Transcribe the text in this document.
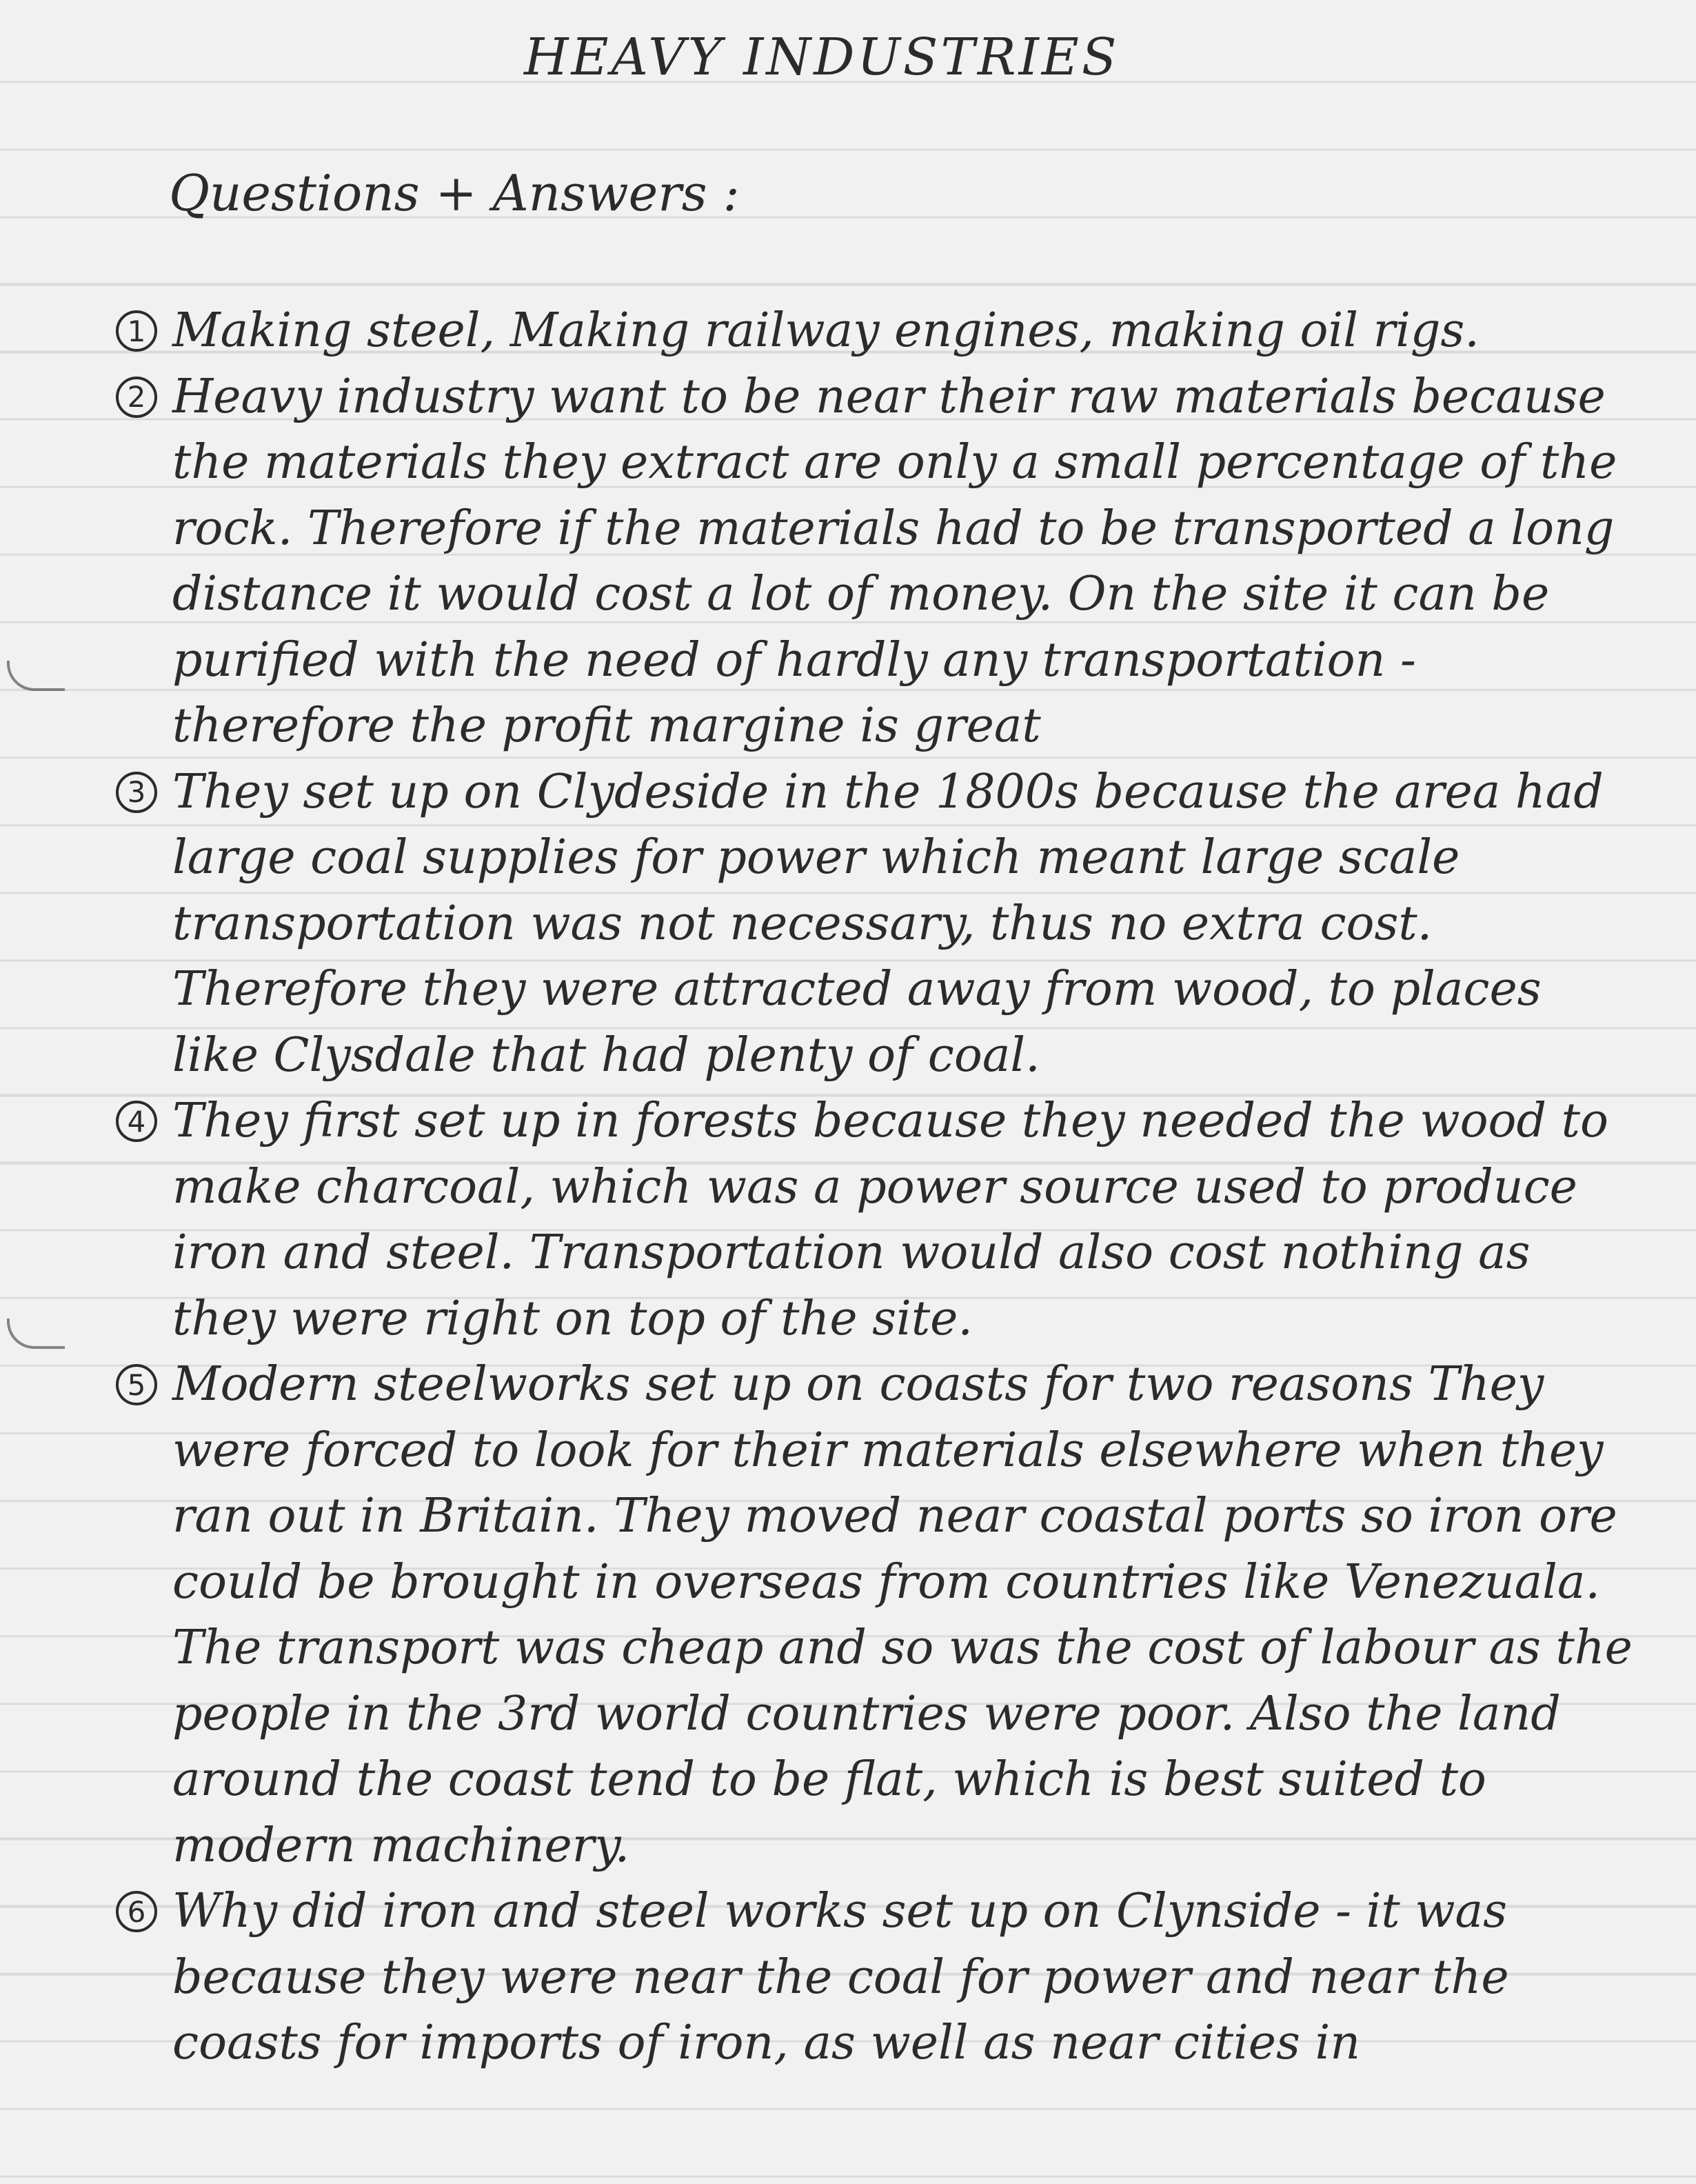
HEAVY INDUSTRIES
Questions + Answers :
1 Making steel, Making railway engines, making oil rigs.

2 Heavy industry want to be near their raw materials because the materials they extract are only a small percentage of the rock. Therefore if the materials had to be transported a long distance it would cost a lot of money. On the site it can be purified with the need of hardly any transportation - therefore the profit margine is great

3 They set up on Clydeside in the 1800s because the area had large coal supplies for power which meant large scale transportation was not necessary, thus no extra cost. Therefore they were attracted away from wood, to places like Clysdale that had plenty of coal.

4 They first set up in forests because they needed the wood to make charcoal, which was a power source used to produce iron and steel. Transportation would also cost nothing as they were right on top of the site.

5 Modern steelworks set up on coasts for two reasons They were forced to look for their materials elsewhere when they ran out in Britain. They moved near coastal ports so iron ore could be brought in overseas from countries like Venezuala. The transport was cheap and so was the cost of labour as the people in the 3rd world countries were poor. Also the land around the coast tend to be flat, which is best suited to modern machinery.

6 Why did iron and steel works set up on Clynside - it was because they were near the coal for power and near the coasts for imports of iron, as well as near cities in
